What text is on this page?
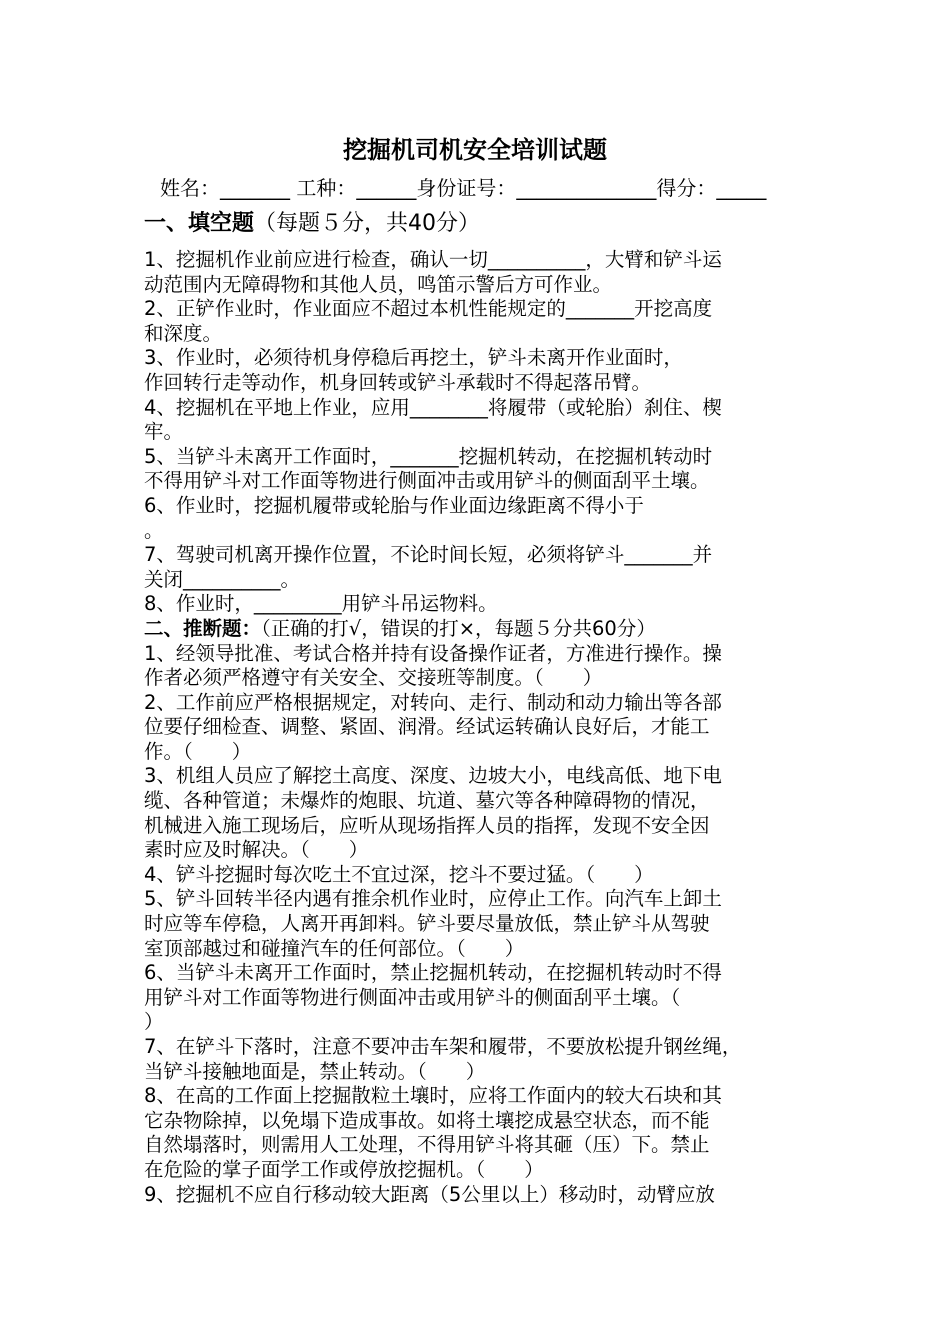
挖掘机司机安全培训试题
姓名：_______ 工种：______身份证号：______________得分：_____
一、填空题（每题５分，共40分）
1、挖掘机作业前应进行检查，确认一切__________，大臂和铲斗运
动范围内无障碍物和其他人员，鸣笛示警后方可作业。
2、正铲作业时，作业面应不超过本机性能规定的_______开挖高度
和深度。
3、作业时，必须待机身停稳后再挖土，铲斗未离开作业面时，
作回转行走等动作，机身回转或铲斗承载时不得起落吊臂。
4、挖掘机在平地上作业，应用________将履带（或轮胎）刹住、楔
牢。
5、当铲斗未离开工作面时，_______挖掘机转动，在挖掘机转动时
不得用铲斗对工作面等物进行侧面冲击或用铲斗的侧面刮平土壤。
6、作业时，挖掘机履带或轮胎与作业面边缘距离不得小于
。
7、驾驶司机离开操作位置，不论时间长短，必须将铲斗_______并
关闭__________。
8、作业时，_________用铲斗吊运物料。
二、推断题：（正确的打√，错误的打×，每题５分共60分）
1、经领导批准、考试合格并持有设备操作证者，方准进行操作。操
作者必须严格遵守有关安全、交接班等制度。（　　）
2、工作前应严格根据规定，对转向、走行、制动和动力输出等各部
位要仔细检查、调整、紧固、润滑。经试运转确认良好后，才能工
作。（　　）
3、机组人员应了解挖土高度、深度、边坡大小，电线高低、地下电
缆、各种管道；未爆炸的炮眼、坑道、墓穴等各种障碍物的情况，
机械进入施工现场后，应听从现场指挥人员的指挥，发现不安全因
素时应及时解决。（　　）
4、铲斗挖掘时每次吃土不宜过深，挖斗不要过猛。（　　）
5、铲斗回转半径内遇有推余机作业时，应停止工作。向汽车上卸土
时应等车停稳，人离开再卸料。铲斗要尽量放低，禁止铲斗从驾驶
室顶部越过和碰撞汽车的任何部位。（　　）
6、当铲斗未离开工作面时，禁止挖掘机转动，在挖掘机转动时不得
用铲斗对工作面等物进行侧面冲击或用铲斗的侧面刮平土壤。（
）
7、在铲斗下落时，注意不要冲击车架和履带，不要放松提升钢丝绳，
当铲斗接触地面是，禁止转动。（　　）
8、在高的工作面上挖掘散粒土壤时，应将工作面内的较大石块和其
它杂物除掉，以免塌下造成事故。如将土壤挖成悬空状态，而不能
自然塌落时，则需用人工处理，不得用铲斗将其砸（压）下。禁止
在危险的掌子面学工作或停放挖掘机。（　　）
9、挖掘机不应自行移动较大距离（5公里以上）移动时，动臂应放
